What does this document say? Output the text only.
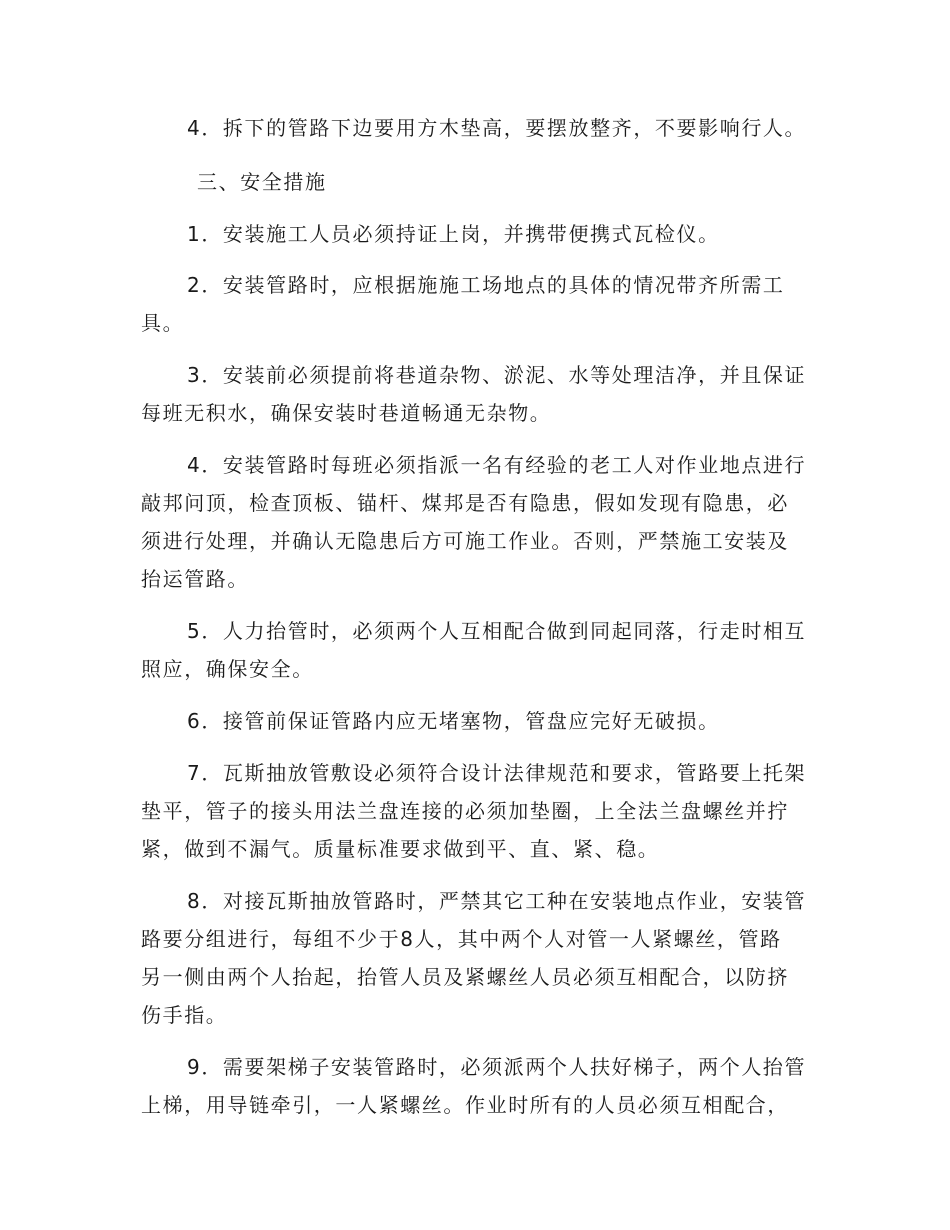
4．拆下的管路下边要用方木垫高，要摆放整齐，不要影响行人。
三、安全措施
1．安装施工人员必须持证上岗，并携带便携式瓦检仪。
2．安装管路时，应根据施施工场地点的具体的情况带齐所需工
具。
3．安装前必须提前将巷道杂物、淤泥、水等处理洁净，并且保证
每班无积水，确保安装时巷道畅通无杂物。
4．安装管路时每班必须指派一名有经验的老工人对作业地点进行
敲邦问顶，检查顶板、锚杆、煤邦是否有隐患，假如发现有隐患，必
须进行处理，并确认无隐患后方可施工作业。否则，严禁施工安装及
抬运管路。
5．人力抬管时，必须两个人互相配合做到同起同落，行走时相互
照应，确保安全。
6．接管前保证管路内应无堵塞物，管盘应完好无破损。
7．瓦斯抽放管敷设必须符合设计法律规范和要求，管路要上托架
垫平，管子的接头用法兰盘连接的必须加垫圈，上全法兰盘螺丝并拧
紧，做到不漏气。质量标准要求做到平、直、紧、稳。
8．对接瓦斯抽放管路时，严禁其它工种在安装地点作业，安装管
路要分组进行，每组不少于8人，其中两个人对管一人紧螺丝，管路
另一侧由两个人抬起，抬管人员及紧螺丝人员必须互相配合，以防挤
伤手指。
9．需要架梯子安装管路时，必须派两个人扶好梯子，两个人抬管
上梯，用导链牵引，一人紧螺丝。作业时所有的人员必须互相配合，
